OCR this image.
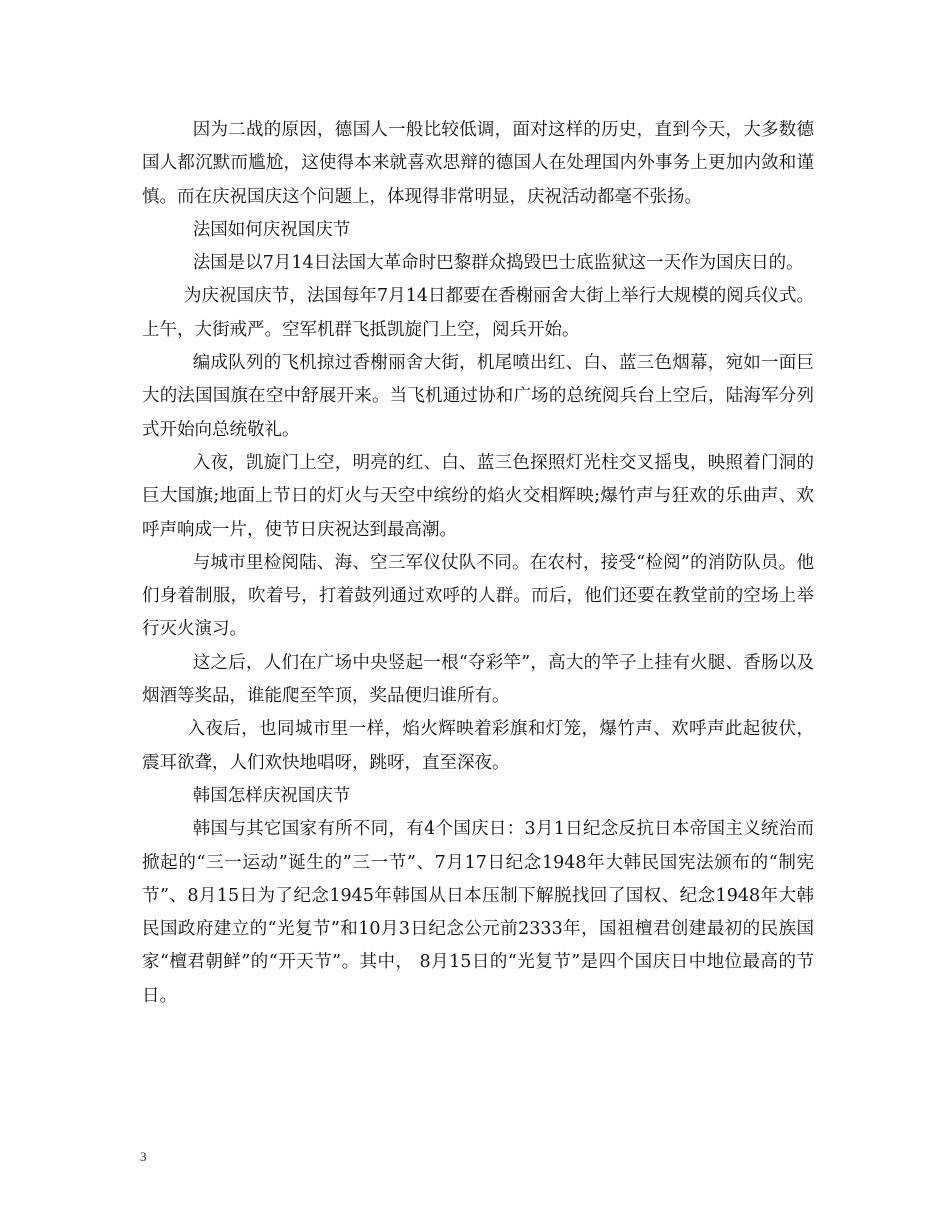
因为二战的原因，德国人一般比较低调，面对这样的历史，直到今天，大多数德国人都沉默而尴尬，这使得本来就喜欢思辩的德国人在处理国内外事务上更加内敛和谨慎。而在庆祝国庆这个问题上，体现得非常明显，庆祝活动都毫不张扬。

法国如何庆祝国庆节

法国是以7月14日法国大革命时巴黎群众捣毁巴士底监狱这一天作为国庆日的。

为庆祝国庆节，法国每年7月14日都要在香榭丽舍大街上举行大规模的阅兵仪式。上午，大街戒严。空军机群飞抵凯旋门上空，阅兵开始。

编成队列的飞机掠过香榭丽舍大街，机尾喷出红、白、蓝三色烟幕，宛如一面巨大的法国国旗在空中舒展开来。当飞机通过协和广场的总统阅兵台上空后，陆海军分列式开始向总统敬礼。

入夜，凯旋门上空，明亮的红、白、蓝三色探照灯光柱交叉摇曳，映照着门洞的巨大国旗;地面上节日的灯火与天空中缤纷的焰火交相辉映;爆竹声与狂欢的乐曲声、欢呼声响成一片，使节日庆祝达到最高潮。

与城市里检阅陆、海、空三军仪仗队不同。在农村，接受“检阅”的消防队员。他们身着制服，吹着号，打着鼓列通过欢呼的人群。而后，他们还要在教堂前的空场上举行灭火演习。

这之后，人们在广场中央竖起一根“夺彩竿”，高大的竿子上挂有火腿、香肠以及烟酒等奖品，谁能爬至竿顶，奖品便归谁所有。

入夜后，也同城市里一样，焰火辉映着彩旗和灯笼，爆竹声、欢呼声此起彼伏，震耳欲聋，人们欢快地唱呀，跳呀，直至深夜。

韩国怎样庆祝国庆节

韩国与其它国家有所不同，有4个国庆日：3月1日纪念反抗日本帝国主义统治而掀起的“三一运动”诞生的”三一节”、7月17日纪念1948年大韩民国宪法颁布的“制宪节”、8月15日为了纪念1945年韩国从日本压制下解脱找回了国权、纪念1948年大韩民国政府建立的“光复节”和10月3日纪念公元前2333年，国祖檀君创建最初的民族国家“檀君朝鲜”的“开天节”。其中， 8月15日的“光复节”是四个国庆日中地位最高的节日。

3
